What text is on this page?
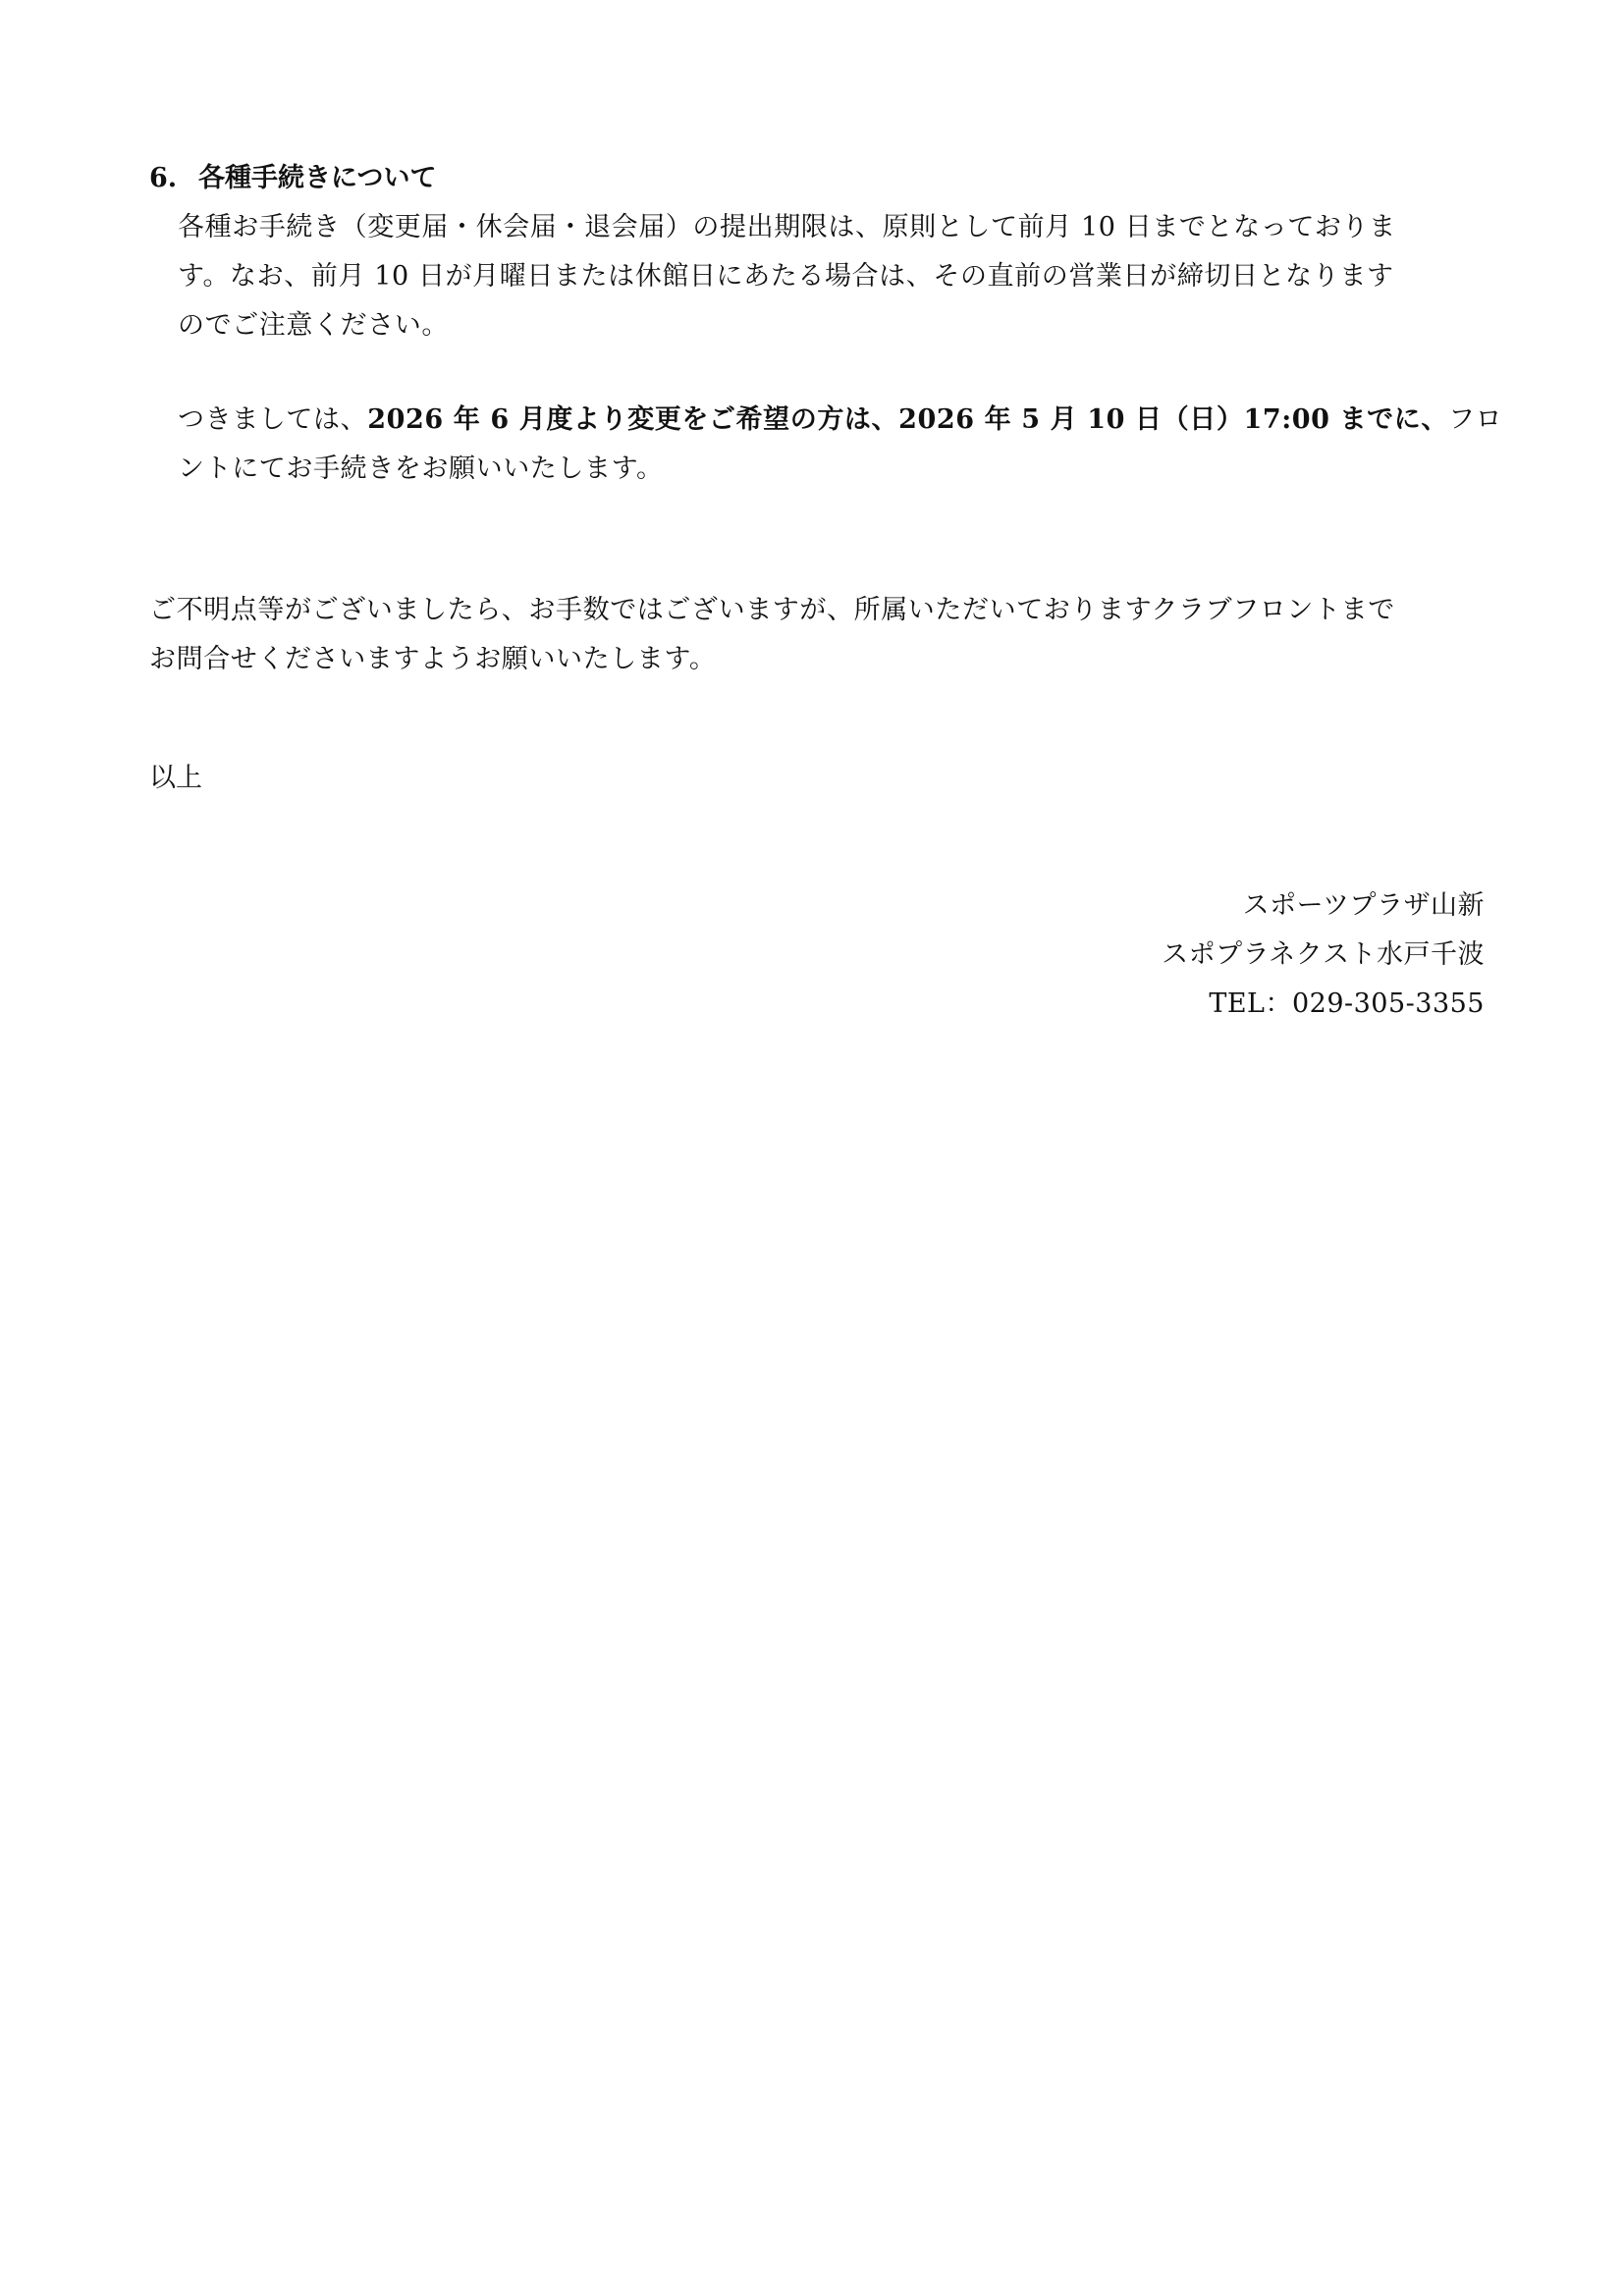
6. 各種手続きについて
各種お手続き（変更届・休会届・退会届）の提出期限は、原則として前月 10 日までとなっておりま
す。なお、前月 10 日が月曜日または休館日にあたる場合は、その直前の営業日が締切日となります
のでご注意ください。
つきましては、2026 年 6 月度より変更をご希望の方は、2026 年 5 月 10 日（日）17:00 までに、フロ
ントにてお手続きをお願いいたします。
ご不明点等がございましたら、お手数ではございますが、所属いただいておりますクラブフロントまで
お問合せくださいますようお願いいたします。
以上
スポーツプラザ山新
スポプラネクスト水戸千波
TEL：029-305-3355
